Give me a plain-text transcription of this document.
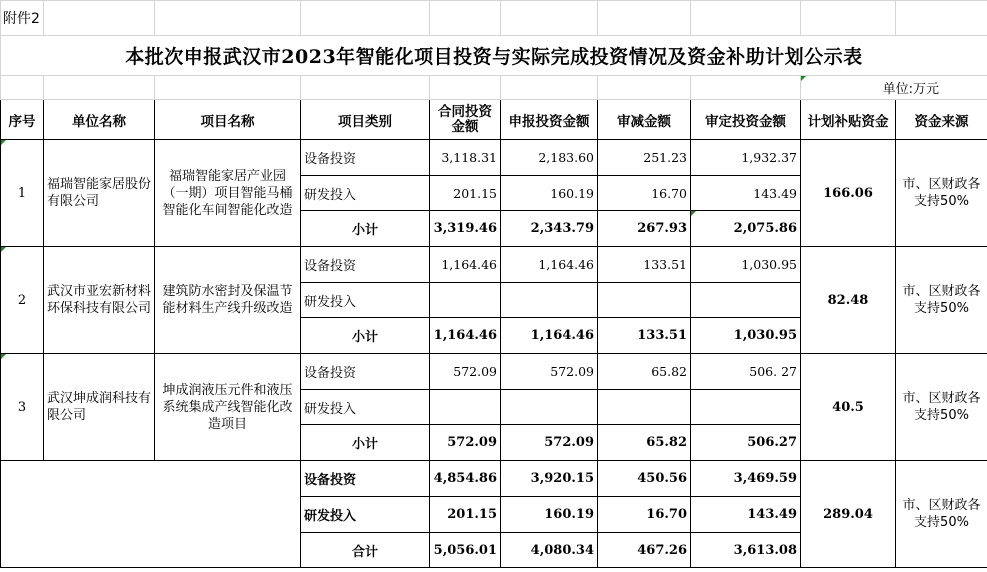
附件2									
本批次申报武汉市2023年智能化项目投资与实际完成投资情况及资金补助计划公示表									
								单位:万元	
序号	单位名称	项目名称	项目类别	合同投资金额	申报投资金额	审减金额	审定投资金额	计划补贴资金	资金来源
1	福瑞智能家居股份有限公司	福瑞智能家居产业园（一期）项目智能马桶智能化车间智能化改造	设备投资	3,118.31	2,183.60	251.23	1,932.37	166.06	市、区财政各支持50%
			研发投入	201.15	160.19	16.70	143.49		
			小计	3,319.46	2,343.79	267.93	2,075.86		
2	武汉市亚宏新材料环保科技有限公司	建筑防水密封及保温节能材料生产线升级改造	设备投资	1,164.46	1,164.46	133.51	1,030.95	82.48	市、区财政各支持50%
			研发投入						
			小计	1,164.46	1,164.46	133.51	1,030.95		
3	武汉坤成润科技有限公司	坤成润液压元件和液压系统集成产线智能化改造项目	设备投资	572.09	572.09	65.82	506. 27	40.5	市、区财政各支持50%
			研发投入						
			小计	572.09	572.09	65.82	506.27		
			设备投资	4,854.86	3,920.15	450.56	3,469.59	289.04	市、区财政各支持50%
			研发投入	201.15	160.19	16.70	143.49		
			合计	5,056.01	4,080.34	467.26	3,613.08		
